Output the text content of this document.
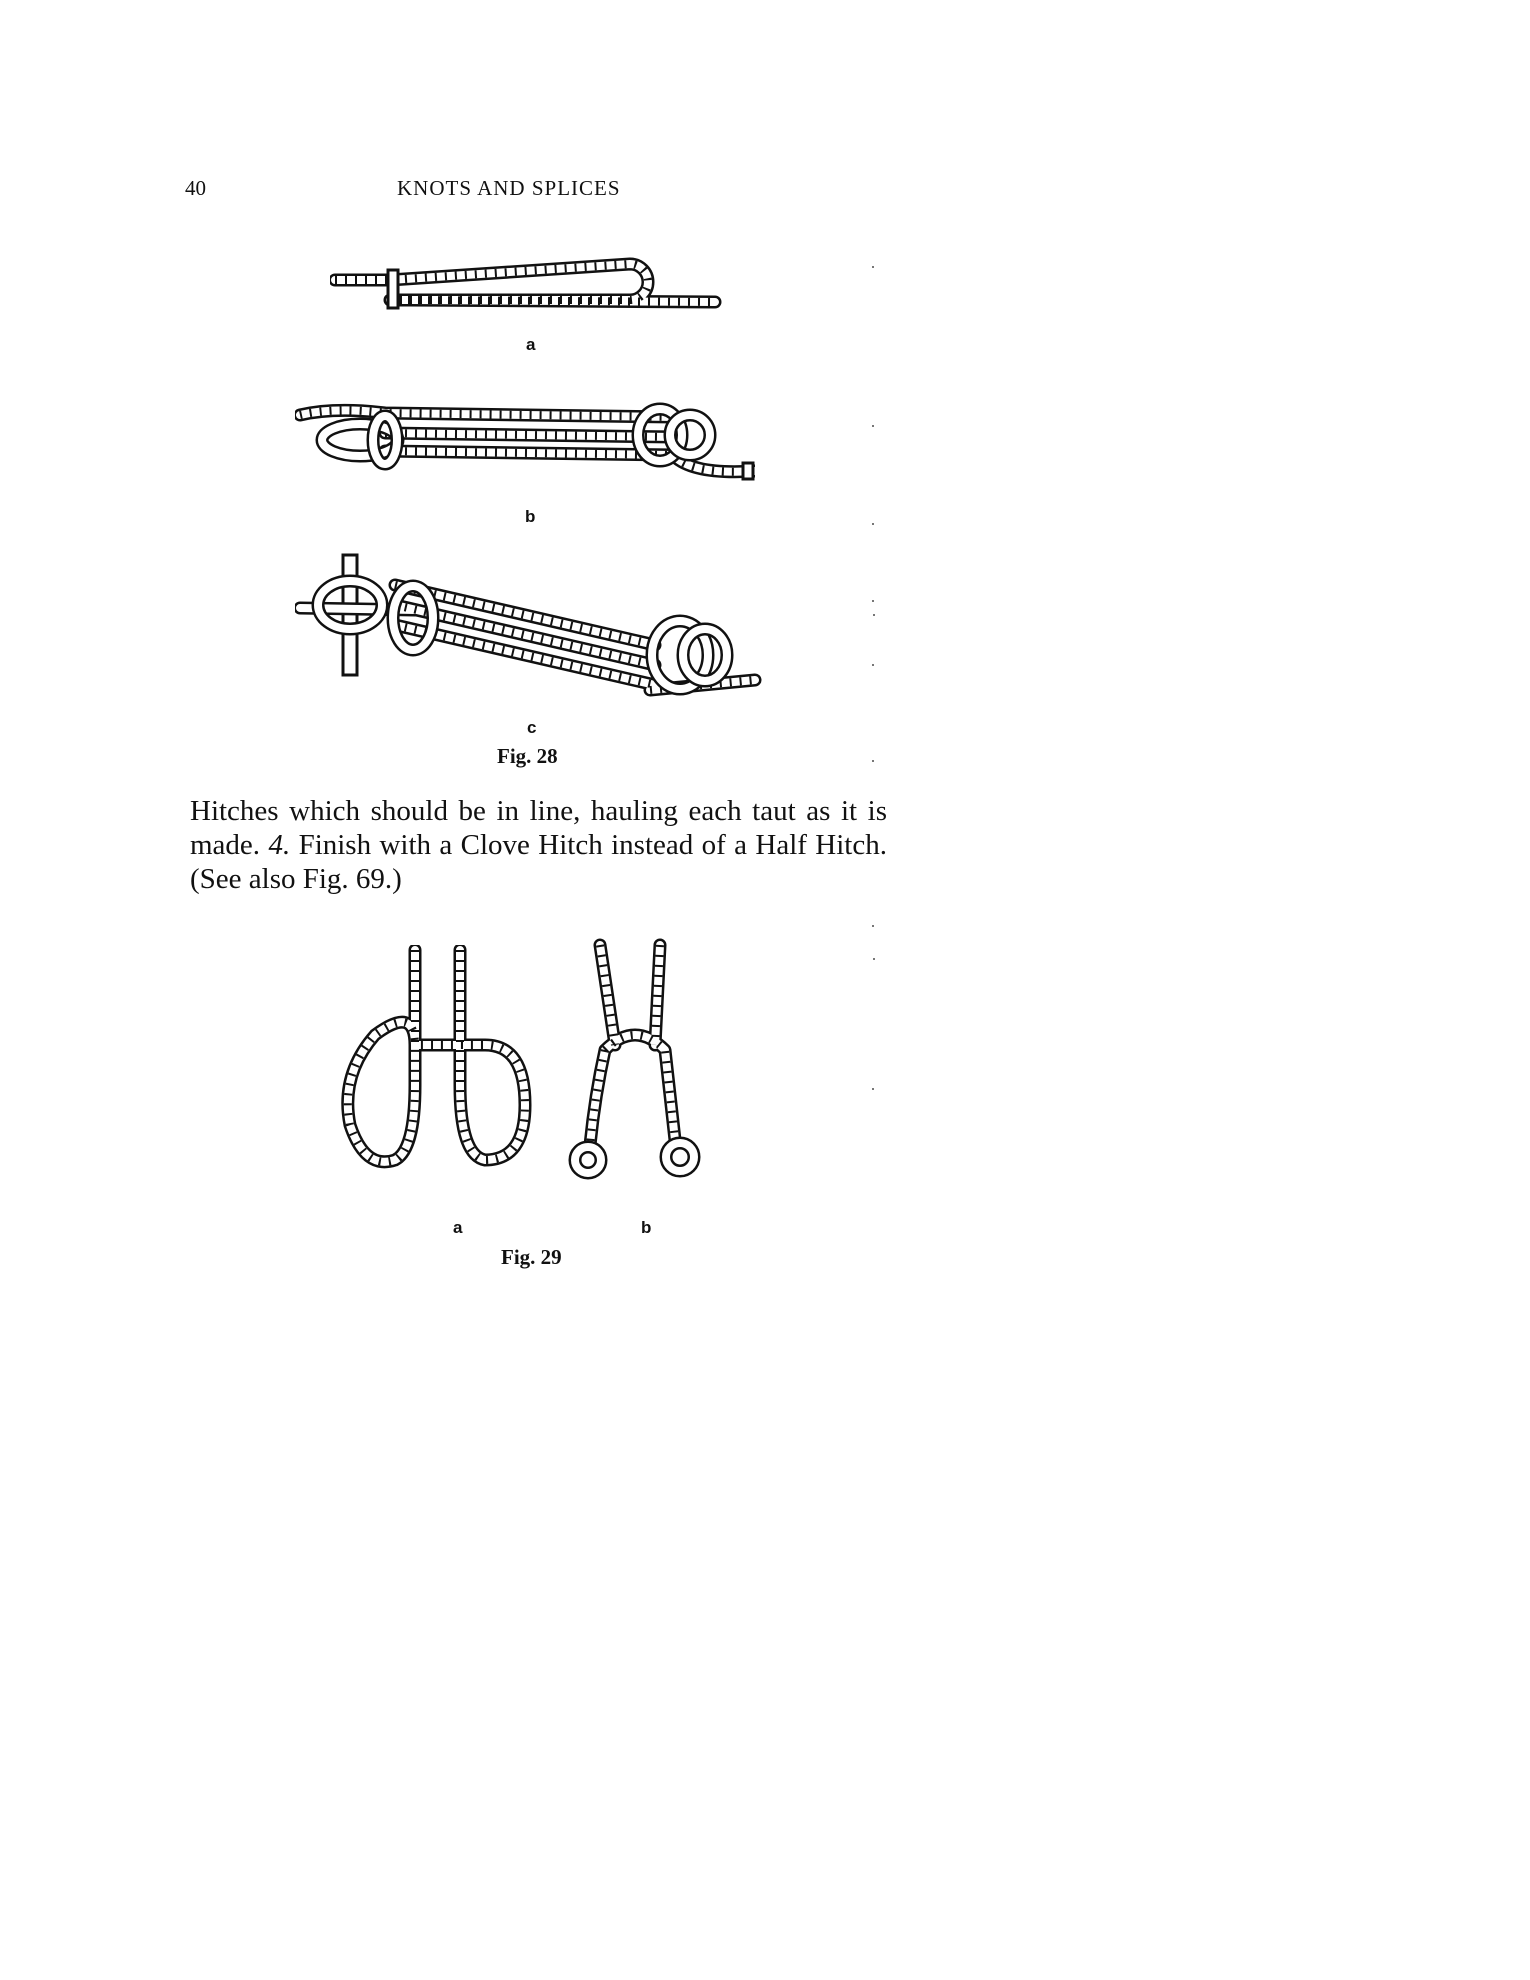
40	KNOTS AND SPLICES
a
b
c
Fig. 28

Hitches which should be in line, hauling each taut as it is made. 4. Finish with a Clove Hitch instead of a Half Hitch. (See also Fig. 69.)

a	b
Fig. 29
